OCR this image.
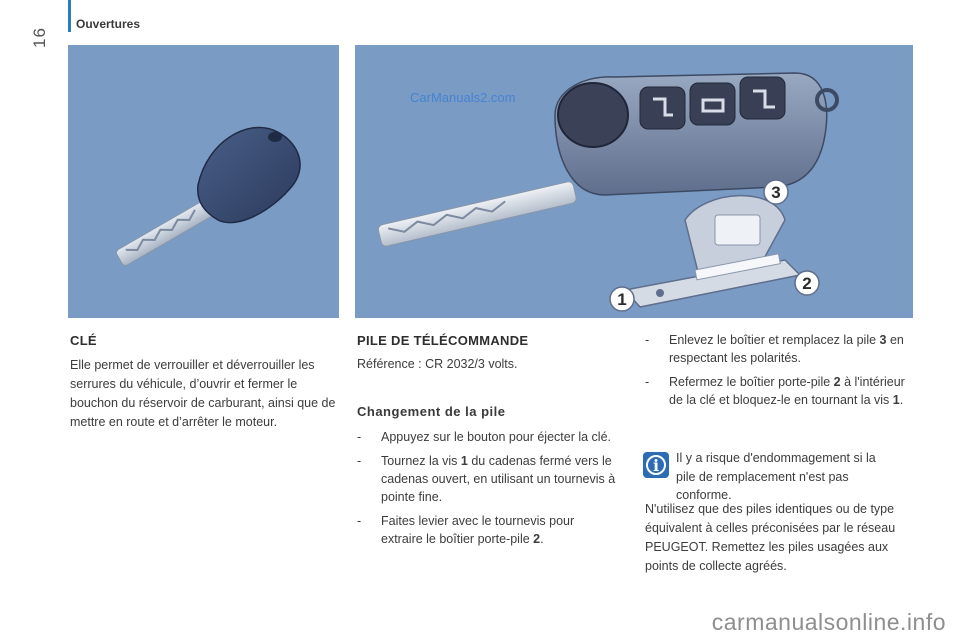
16
Ouvertures
3
2
1
CarManuals2.com
CLÉ
Elle permet de verrouiller et déverrouiller les serrures du véhicule, d’ouvrir et fermer le bouchon du réservoir de carburant, ainsi que de mettre en route et d’arrêter le moteur.
PILE DE TÉLÉCOMMANDE
Référence : CR 2032/3 volts.
Changement de la pile
- Appuyez sur le bouton pour éjecter la clé.
- Tournez la vis 1 du cadenas fermé vers le cadenas ouvert, en utilisant un tournevis à pointe fine.
- Faites levier avec le tournevis pour extraire le boîtier porte-pile 2.
- Enlevez le boîtier et remplacez la pile 3 en respectant les polarités.
- Refermez le boîtier porte-pile 2 à l'intérieur de la clé et bloquez-le en tournant la vis 1.
i	Il y a risque d'endommagement si la pile de remplacement n'est pas conforme.
N'utilisez que des piles identiques ou de type équivalent à celles préconisées par le réseau PEUGEOT. Remettez les piles usagées aux points de collecte agréés.
carmanualsonline.info
